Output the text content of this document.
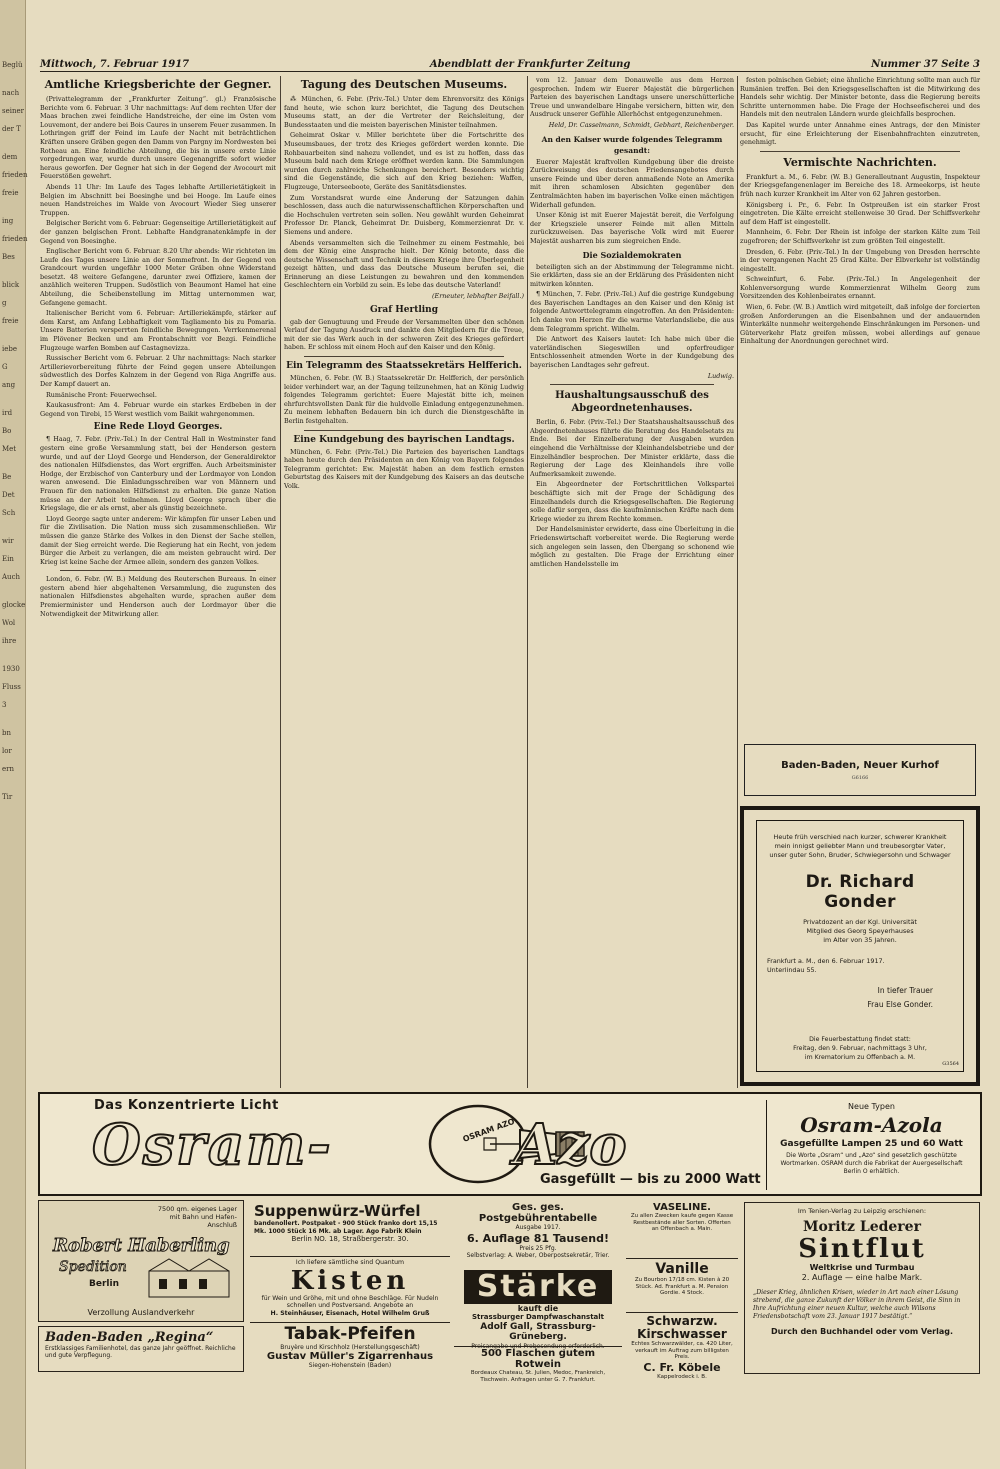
Beglü
nach
seiner
der T
dem
frieden
freie
ing
frieden
Bes
blick
g
freie
iebe
G
ang
ird
Bo
Met
Be
Det
Sch
wir
Ein
Auch
glocke
Wol
ihre
1930
Fluss
3
bn
lor
ern
Tir
Mittwoch, 7. Februar 1917	Abendblatt der Frankfurter Zeitung	Nummer 37 Seite 3
Amtliche Kriegsberichte der Gegner.

(Privattelegramm der „Frankfurter Zeitung“. gl.) Französische Berichte vom 6. Februar. 3 Uhr nachmittags: Auf dem rechten Ufer der Maas brachen zwei feindliche Handstreiche, der eine im Osten vom Louvemont, der andere bei Bois Caures in unserem Feuer zusammen. In Lothringen griff der Feind im Laufe der Nacht mit beträchtlichen Kräften unsere Gräben gegen den Damm von Pargny im Nordwesten bei Rotheau an. Eine feindliche Abteilung, die bis in unsere erste Linie vorgedrungen war, wurde durch unsere Gegenangriffe sofort wieder heraus geworfen. Der Gegner hat sich in der Gegend der Avocourt mit Feuerstößen gewehrt.

Abends 11 Uhr: Im Laufe des Tages lebhafte Artillerietätigkeit in Belgien im Abschnitt bei Boesinghe und bei Hooge. Im Laufe eines neuen Handstreiches im Walde von Avocourt Wieder Sieg unserer Truppen.

Belgischer Bericht vom 6. Februar: Gegenseitige Artillerietätigkeit auf der ganzen belgischen Front. Lebhafte Handgranatenkämpfe in der Gegend von Boesinghe.

Englischer Bericht vom 6. Februar. 8.20 Uhr abends: Wir richteten im Laufe des Tages unsere Linie an der Sommefront. In der Gegend von Grandcourt wurden ungefähr 1000 Meter Gräben ohne Widerstand besetzt. 48 weitere Gefangene, darunter zwei Offiziere, kamen der anzählich weiteren Truppen. Sudöstlich von Beaumont Hamel hat eine Abteilung, die Scheibenstellung im Mittag unternommen war, Gefangene gemacht.

Italienischer Bericht vom 6. Februar: Artilleriekämpfe, stärker auf dem Karst, am Anfang Lebhaftigkeit vom Tagliamento bis zu Pomaria. Unsere Batterien versperrten feindliche Bewegungen. Verrkenmerenal im Plövener Becken und am Frontabschnitt vor Bezgi. Feindliche Flugzeuge warfen Bomben auf Castagnevizza.

Russischer Bericht vom 6. Februar. 2 Uhr nachmittags: Nach starker Artillerievorbereitung führte der Feind gegen unsere Abteilungen südwestlich des Dorfes Kalnzem in der Gegend von Riga Angriffe aus. Der Kampf dauert an.

Rumänische Front: Feuerwechsel.

Kaukasusfront: Am 4. Februar wurde ein starkes Erdbeben in der Gegend von Tirebi, 15 Werst westlich vom Baikit wahrgenommen.

Eine Rede Lloyd Georges.

¶ Haag, 7. Febr. (Priv.-Tel.) In der Central Hall in Westminster fand gestern eine große Versammlung statt, bei der Henderson gestern wurde, und auf der Lloyd George und Henderson, der Generaldirektor des nationalen Hilfsdienstes, das Wort ergriffen. Auch Arbeitsminister Hodge, der Erzbischof von Canterbury und der Lordmayor von London waren anwesend. Die Einladungsschreiben war von Männern und Frauen für den nationalen Hilfsdienst zu erhalten. Die ganze Nation müsse an der Arbeit teilnehmen. Lloyd George sprach über die Kriegslage, die er als ernst, aber als günstig bezeichnete.

Lloyd George sagte unter anderem: Wir kämpfen für unser Leben und für die Zivilisation. Die Nation muss sich zusammenschließen. Wir müssen die ganze Stärke des Volkes in den Dienst der Sache stellen, damit der Sieg erreicht werde. Die Regierung hat ein Recht, von jedem Bürger die Arbeit zu verlangen, die am meisten gebraucht wird. Der Krieg ist keine Sache der Armee allein, sondern des ganzen Volkes.

London, 6. Febr. (W. B.) Meldung des Reuterschen Bureaus. In einer gestern abend hier abgehaltenen Versammlung, die zugunsten des nationalen Hilfsdienstes abgehalten wurde, sprachen außer dem Premierminister und Henderson auch der Lordmayor über die Notwendigkeit der Mitwirkung aller.

Tagung des Deutschen Museums.

⁂ München, 6. Febr. (Priv.-Tel.) Unter dem Ehrenvorsitz des Königs fand heute, wie schon kurz berichtet, die Tagung des Deutschen Museums statt, an der die Vertreter der Reichsleitung, der Bundesstaaten und die meisten bayerischen Minister teilnahmen.

Geheimrat Oskar v. Miller berichtete über die Fortschritte des Museumsbaues, der trotz des Krieges gefördert werden konnte. Die Rohbauarbeiten sind nahezu vollendet, und es ist zu hoffen, dass das Museum bald nach dem Kriege eröffnet werden kann. Die Sammlungen wurden durch zahlreiche Schenkungen bereichert. Besonders wichtig sind die Gegenstände, die sich auf den Krieg beziehen: Waffen, Flugzeuge, Unterseeboote, Geräte des Sanitätsdienstes.

Zum Vorstandsrat wurde eine Änderung der Satzungen dahin beschlossen, dass auch die naturwissenschaftlichen Körperschaften und die Hochschulen vertreten sein sollen. Neu gewählt wurden Geheimrat Professor Dr. Planck, Geheimrat Dr. Duisberg, Kommerzienrat Dr. v. Siemens und andere.

Abends versammelten sich die Teilnehmer zu einem Festmahle, bei dem der König eine Ansprache hielt. Der König betonte, dass die deutsche Wissenschaft und Technik in diesem Kriege ihre Überlegenheit gezeigt hätten, und dass das Deutsche Museum berufen sei, die Erinnerung an diese Leistungen zu bewahren und den kommenden Geschlechtern ein Vorbild zu sein. Es lebe das deutsche Vaterland!

(Erneuter, lebhafter Beifall.)

Graf Hertling

gab der Genugtuung und Freude der Versammelten über den schönen Verlauf der Tagung Ausdruck und dankte den Mitgliedern für die Treue, mit der sie das Werk auch in der schweren Zeit des Krieges gefördert haben. Er schloss mit einem Hoch auf den Kaiser und den König.

Ein Telegramm des Staatssekretärs Helfferich.

München, 6. Febr. (W. B.) Staatssekretär Dr. Helfferich, der persönlich leider verhindert war, an der Tagung teilzunehmen, hat an König Ludwig folgendes Telegramm gerichtet: Euere Majestät bitte ich, meinen ehrfurchtsvollsten Dank für die huldvolle Einladung entgegenzunehmen. Zu meinem lebhaften Bedauern bin ich durch die Dienstgeschäfte in Berlin festgehalten.

Eine Kundgebung des bayrischen Landtags.

München, 6. Febr. (Priv.-Tel.) Die Parteien des bayerischen Landtags haben heute durch den Präsidenten an den König von Bayern folgendes Telegramm gerichtet: Ew. Majestät haben an dem festlich ernsten Geburtstag des Kaisers mit der Kundgebung des Kaisers an das deutsche Volk.

vom 12. Januar dem Donauwelle aus dem Herzen gesprochen. Indem wir Euerer Majestät die bürgerlichen Parteien des bayerischen Landtags unsere unerschütterliche Treue und unwandelbare Hingabe versichern, bitten wir, den Ausdruck unserer Gefühle Allerhöchst entgegenzunehmen.

Held, Dr. Casselmann, Schmidt, Gebhart, Reichenberger.

An den Kaiser wurde folgendes Telegramm gesandt:

Euerer Majestät kraftvollen Kundgebung über die dreiste Zurückweisung des deutschen Friedensangebotes durch unsere Feinde und über deren anmaßende Note an Amerika mit ihren schamlosen Absichten gegenüber den Zentralmächten haben im bayerischen Volke einen mächtigen Widerhall gefunden.

Unser König ist mit Euerer Majestät bereit, die Verfolgung der Kriegsziele unserer Feinde mit allen Mitteln zurückzuweisen. Das bayerische Volk wird mit Euerer Majestät ausharren bis zum siegreichen Ende.

Die Sozialdemokraten

beteiligten sich an der Abstimmung der Telegramme nicht. Sie erklärten, dass sie an der Erklärung des Präsidenten nicht mitwirken könnten.

¶ München, 7. Febr. (Priv.-Tel.) Auf die gestrige Kundgebung des Bayerischen Landtages an den Kaiser und den König ist folgende Antworttelegramm eingetroffen. An den Präsidenten: Ich danke von Herzen für die warme Vaterlandsliebe, die aus dem Telegramm spricht. Wilhelm.

Die Antwort des Kaisers lautet: Ich habe mich über die vaterländischen Siegeswillen und opferfreudiger Entschlossenheit atmenden Worte in der Kundgebung des bayerischen Landtages sehr gefreut.

Ludwig.

Haushaltungsausschuß des Abgeordnetenhauses.

Berlin, 6. Febr. (Priv.-Tel.) Der Staatshaushaltsausschuß des Abgeordnetenhauses führte die Beratung des Handelsetats zu Ende. Bei der Einzelberatung der Ausgaben wurden eingehend die Verhältnisse der Kleinhandelsbetriebe und der Einzelhändler besprochen. Der Minister erklärte, dass die Regierung der Lage des Kleinhandels ihre volle Aufmerksamkeit zuwende.

Ein Abgeordneter der Fortschrittlichen Volkspartei beschäftigte sich mit der Frage der Schädigung des Einzelhandels durch die Kriegsgesellschaften. Die Regierung solle dafür sorgen, dass die kaufmännischen Kräfte nach dem Kriege wieder zu ihrem Rechte kommen.

Der Handelsminister erwiderte, dass eine Überleitung in die Friedenswirtschaft vorbereitet werde. Die Regierung werde sich angelegen sein lassen, den Übergang so schonend wie möglich zu gestalten. Die Frage der Errichtung einer amtlichen Handelsstelle im

festen polnischen Gebiet; eine ähnliche Einrichtung sollte man auch für Rumänien treffen. Bei den Kriegsgesellschaften ist die Mitwirkung des Handels sehr wichtig. Der Minister betonte, dass die Regierung bereits Schritte unternommen habe. Die Frage der Hochseefischerei und des Handels mit den neutralen Ländern wurde gleichfalls besprochen.

Das Kapitel wurde unter Annahme eines Antrags, der den Minister ersucht, für eine Erleichterung der Eisenbahnfrachten einzutreten, genehmigt.

Vermischte Nachrichten.

Frankfurt a. M., 6. Febr. (W. B.) Generalleutnant Augustin, Inspekteur der Kriegsgefangenenlager im Bereiche des 18. Armeekorps, ist heute früh nach kurzer Krankheit im Alter von 62 Jahren gestorben.

Königsberg i. Pr., 6. Febr. In Ostpreußen ist ein starker Frost eingetreten. Die Kälte erreicht stellenweise 30 Grad. Der Schiffsverkehr auf dem Haff ist eingestellt.

Mannheim, 6. Febr. Der Rhein ist infolge der starken Kälte zum Teil zugefroren; der Schiffsverkehr ist zum größten Teil eingestellt.

Dresden, 6. Febr. (Priv.-Tel.) In der Umgebung von Dresden herrschte in der vergangenen Nacht 25 Grad Kälte. Der Elbverkehr ist vollständig eingestellt.

Schweinfurt, 6. Febr. (Priv.-Tel.) In Angelegenheit der Kohlenversorgung wurde Kommerzienrat Wilhelm Georg zum Vorsitzenden des Kohlenbeirates ernannt.

Wien, 6. Febr. (W. B.) Amtlich wird mitgeteilt, daß infolge der forcierten großen Anforderungen an die Eisenbahnen und der andauernden Winterkälte nunmehr weitergehende Einschränkungen im Personen- und Güterverkehr Platz greifen müssen, wobei allerdings auf genaue Einhaltung der Anordnungen gerechnet wird.

Baden-Baden, Neuer Kurhof
G6166
Heute früh verschied nach kurzer, schwerer Krankheit mein innigst geliebter Mann und treubesorgter Vater, unser guter Sohn, Bruder, Schwiegersohn und Schwager
Dr. Richard Gonder
Privatdozent an der Kgl. Universität
Mitglied des Georg Speyerhauses
im Alter von 35 Jahren.
Frankfurt a. M., den 6. Februar 1917.
Unterlindau 55.
In tiefer Trauer
Frau Else Gonder.
Die Feuerbestattung findet statt:
Freitag, den 9. Februar, nachmittags 3 Uhr,
im Krematorium zu Offenbach a. M.
G3564
Das Konzentrierte Licht
Osram-	OSRAM AZO
Azo
Gasgefüllt — bis zu 2000 Watt
Neue Typen
Osram-Azola
Gasgefüllte Lampen 25 und 60 Watt
Die Worte „Osram“ und „Azo“ sind gesetzlich geschützte Wortmarken. OSRAM durch die Fabrikat der Auergesellschaft Berlin O erhältlich.
7500 qm. eigenes Lager mit Bahn und Hafen-Anschluß
Robert Haberling
Spedition
Berlin
Verzollung Auslandverkehr
Baden-Baden „Regina“
Erstklassiges Familienhotel, das ganze Jahr geöffnet. Reichliche und gute Verpflegung.
Suppenwürz-Würfel
bandenollert. Postpaket - 900 Stück franko dort 15,15 Mk. 1000 Stück 16 Mk. ab Lager. Ago Fabrik Klein
Berlin NO. 18, Straßbergerstr. 30.
Ich liefere sämtliche sind Quantum
Kisten
für Wein und Gröhe, mit und ohne Beschläge. Für Nudeln schnellen und Postversand. Angebote an
H. Steinhäuser, Eisenach, Hotel Wilhelm Gruß
Tabak-Pfeifen
Bruyère und Kirschholz (Herstellungsgeschäft)
Gustav Müller's Zigarrenhaus
Siegen-Hohenstein (Baden)
Ges. ges. Postgebührentabelle
Ausgabe 1917.
6. Auflage 81 Tausend!
Preis 25 Pfg.
Selbstverlag: A. Weber, Oberpostsekretär, Trier.
Stärke
kauft die
Strassburger Dampfwaschanstalt
Adolf Gall, Strassburg-Grüneberg.
Preisangabe und Probesendung erforderlich.
500 Flaschen gutem Rotwein
Bordeaux Chateau, St. Julien, Medoc, Frankreich, Tischwein. Anfragen unter G. 7. Frankfurt.
VASELINE.
Zu allen Zwecken kaufe gegen Kasse Restbestände aller Sorten. Offerten an Offenbach a. Main.
Vanille
Zu Bourbon 17/18 cm. Kisten à 20 Stück. Ad. Frankfurt a. M. Pension Gordie. 4 Stock.
Schwarzw. Kirschwasser
Echtes Schwarzwälder, ca. 420 Liter, verkauft im Auftrag zum billigsten Preis.
C. Fr. Köbele
Kappelrodeck i. B.
Im Tenien-Verlag zu Leipzig erschienen:
Moritz Lederer
Sintflut
Weltkrise und Turmbau
2. Auflage — eine halbe Mark.
„Dieser Krieg, ähnlichen Krisen, wieder in Art nach einer Lösung strebend, die ganze Zukunft der Völker in ihrem Geist, die Sinn in Ihre Aufrichtung einer neuen Kultur, welche auch Wilsons Friedensbotschaft vom 23. Januar 1917 bestätigt.“
Durch den Buchhandel oder vom Verlag.
